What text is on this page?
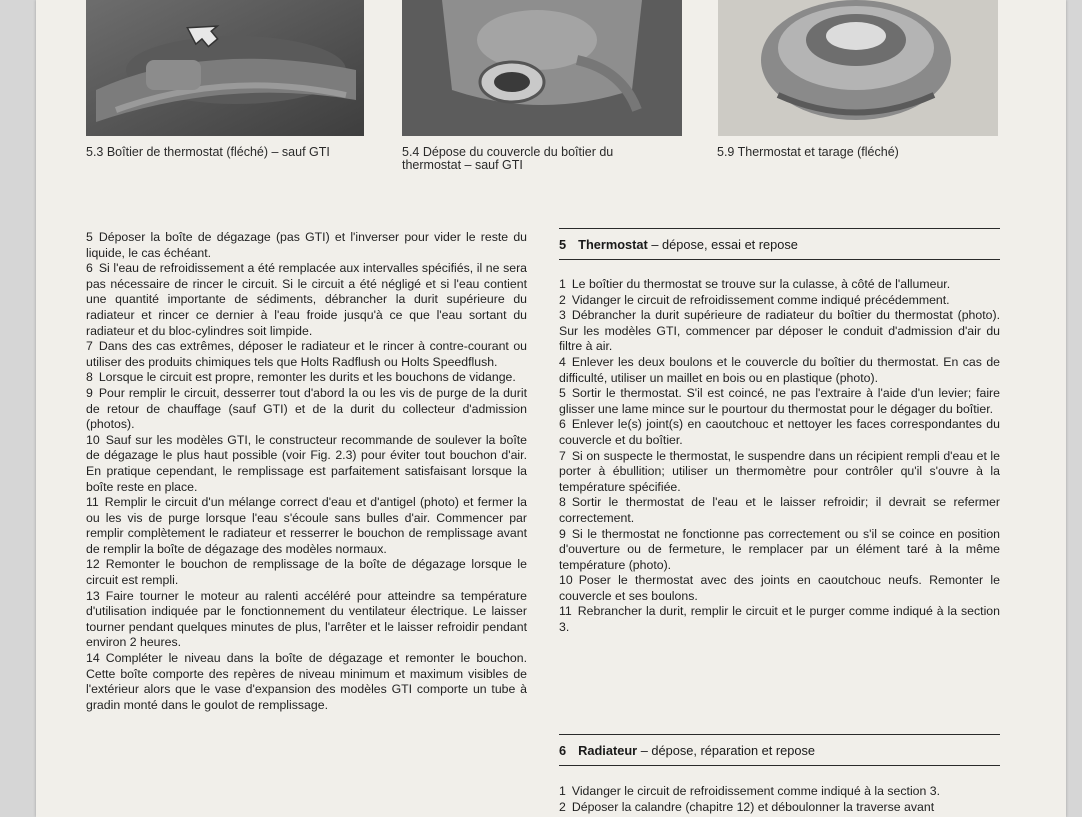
5.3 Boîtier de thermostat (fléché) – sauf GTI	5.4 Dépose du couvercle du boîtier du
thermostat – sauf GTI
5.9 Thermostat et tarage (fléché)

5 Déposer la boîte de dégazage (pas GTI) et l'inverser pour vider le reste du liquide, le cas échéant.

6 Si l'eau de refroidissement a été remplacée aux intervalles spécifiés, il ne sera pas nécessaire de rincer le circuit. Si le circuit a été négligé et si l'eau contient une quantité importante de sédiments, débrancher la durit supérieure du radiateur et rincer ce dernier à l'eau froide jusqu'à ce que l'eau sortant du radiateur et du bloc-cylindres soit limpide.

7 Dans des cas extrêmes, déposer le radiateur et le rincer à contre-courant ou utiliser des produits chimiques tels que Holts Radflush ou Holts Speedflush.

8 Lorsque le circuit est propre, remonter les durits et les bouchons de vidange.

9 Pour remplir le circuit, desserrer tout d'abord la ou les vis de purge de la durit de retour de chauffage (sauf GTI) et de la durit du collecteur d'admission (photos).

10 Sauf sur les modèles GTI, le constructeur recommande de soulever la boîte de dégazage le plus haut possible (voir Fig. 2.3) pour éviter tout bouchon d'air. En pratique cependant, le remplissage est parfaitement satisfaisant lorsque la boîte reste en place.

11 Remplir le circuit d'un mélange correct d'eau et d'antigel (photo) et fermer la ou les vis de purge lorsque l'eau s'écoule sans bulles d'air. Commencer par remplir complètement le radiateur et resserrer le bouchon de remplissage avant de remplir la boîte de dégazage des modèles normaux.

12 Remonter le bouchon de remplissage de la boîte de dégazage lorsque le circuit est rempli.

13 Faire tourner le moteur au ralenti accéléré pour atteindre sa température d'utilisation indiquée par le fonctionnement du ventilateur électrique. Le laisser tourner pendant quelques minutes de plus, l'arrêter et le laisser refroidir pendant environ 2 heures.

14 Compléter le niveau dans la boîte de dégazage et remonter le bouchon. Cette boîte comporte des repères de niveau minimum et maximum visibles de l'extérieur alors que le vase d'expansion des modèles GTI comporte un tube à gradin monté dans le goulot de remplissage.

5 Thermostat – dépose, essai et repose

1 Le boîtier du thermostat se trouve sur la culasse, à côté de l'allumeur.

2 Vidanger le circuit de refroidissement comme indiqué précédemment.

3 Débrancher la durit supérieure de radiateur du boîtier du thermostat (photo). Sur les modèles GTI, commencer par déposer le conduit d'admission d'air du filtre à air.

4 Enlever les deux boulons et le couvercle du boîtier du thermostat. En cas de difficulté, utiliser un maillet en bois ou en plastique (photo).

5 Sortir le thermostat. S'il est coincé, ne pas l'extraire à l'aide d'un levier; faire glisser une lame mince sur le pourtour du thermostat pour le dégager du boîtier.

6 Enlever le(s) joint(s) en caoutchouc et nettoyer les faces correspondantes du couvercle et du boîtier.

7 Si on suspecte le thermostat, le suspendre dans un récipient rempli d'eau et le porter à ébullition; utiliser un thermomètre pour contrôler qu'il s'ouvre à la température spécifiée.

8 Sortir le thermostat de l'eau et le laisser refroidir; il devrait se refermer correctement.

9 Si le thermostat ne fonctionne pas correctement ou s'il se coince en position d'ouverture ou de fermeture, le remplacer par un élément taré à la même température (photo).

10 Poser le thermostat avec des joints en caoutchouc neufs. Remonter le couvercle et ses boulons.

11 Rebrancher la durit, remplir le circuit et le purger comme indiqué à la section 3.

6 Radiateur – dépose, réparation et repose

1 Vidanger le circuit de refroidissement comme indiqué à la section 3.

2 Déposer la calandre (chapitre 12) et déboulonner la traverse avant
